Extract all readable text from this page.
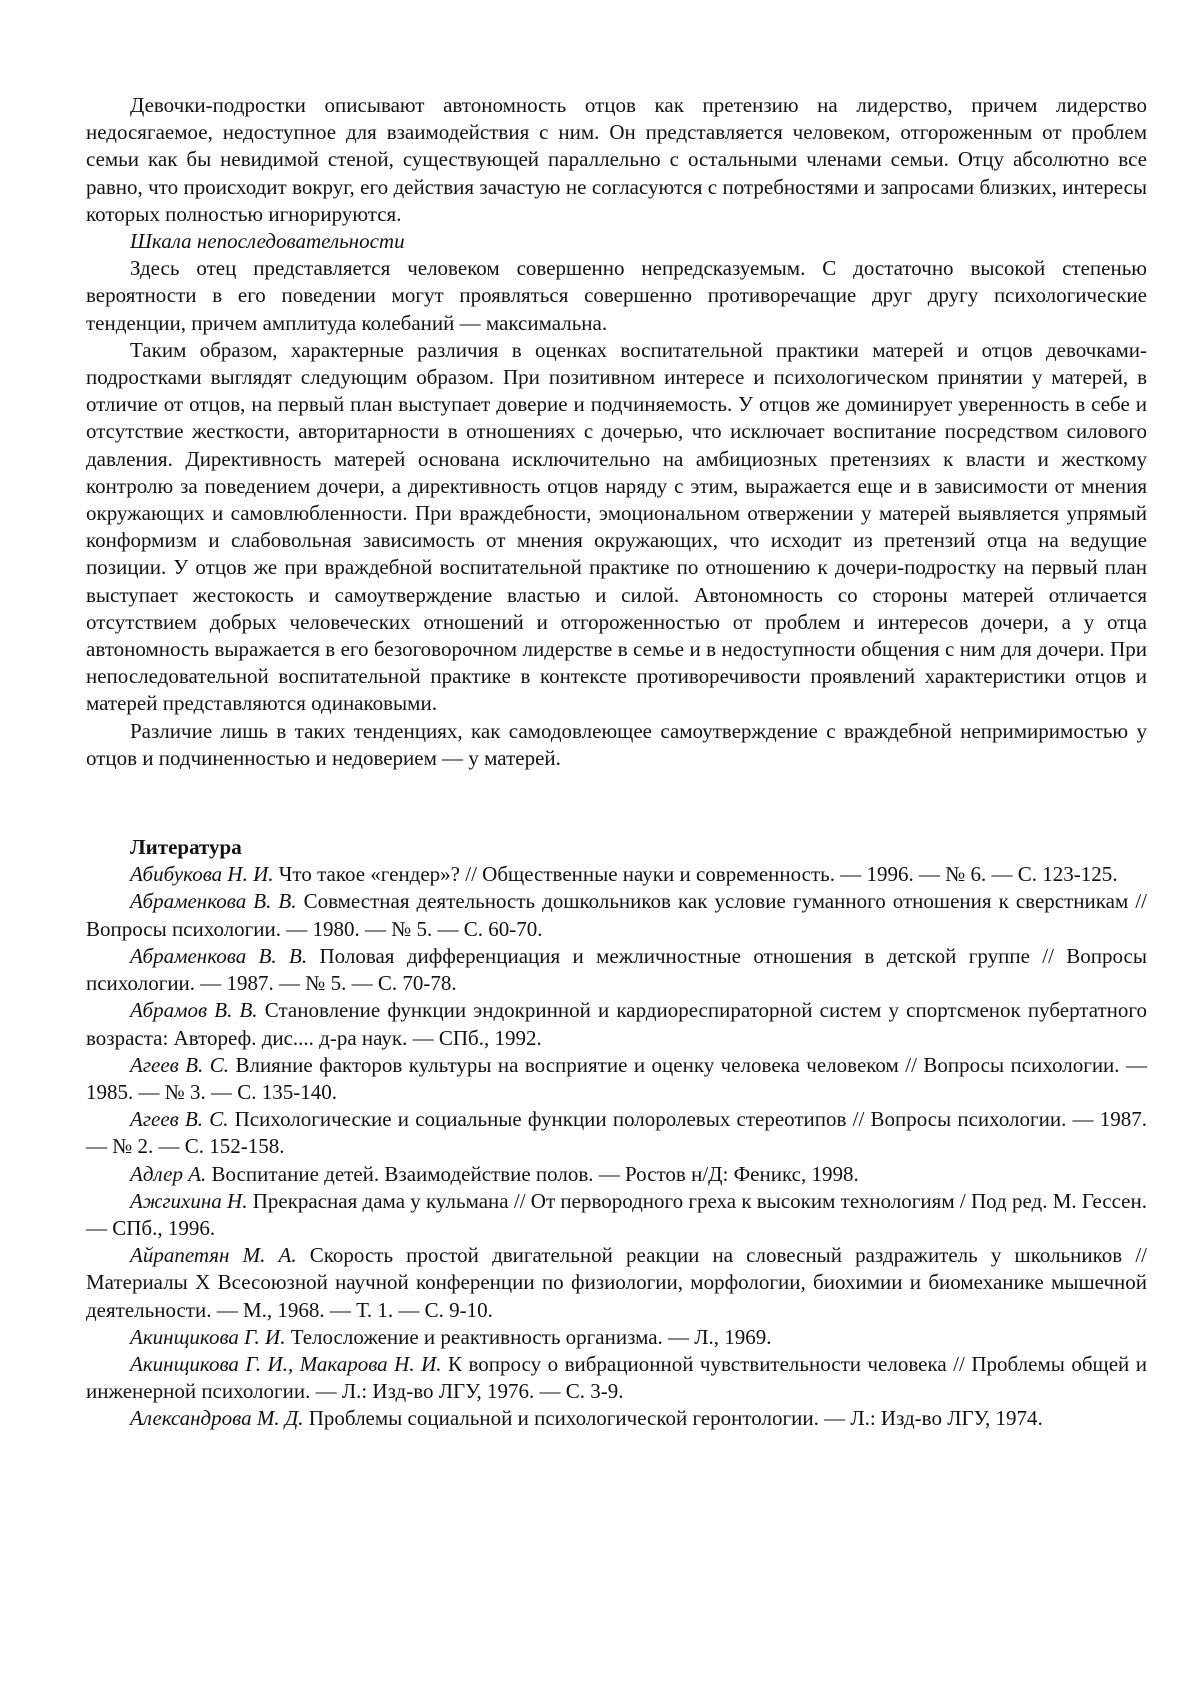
Девочки-подростки описывают автономность отцов как претензию на лидерство, причем лидерство недосягаемое, недоступное для взаимодействия с ним. Он представляется человеком, отгороженным от проблем семьи как бы невидимой стеной, существующей параллельно с остальными членами семьи. Отцу абсолютно все равно, что происходит вокруг, его действия зачастую не согласуются с потребностями и запросами близких, интересы которых полностью игнорируются.

Шкала непоследовательности

Здесь отец представляется человеком совершенно непредсказуемым. С достаточно высокой степенью вероятности в его поведении могут проявляться совершенно противоречащие друг другу психологические тенденции, причем амплитуда колебаний — максимальна.

Таким образом, характерные различия в оценках воспитательной практики матерей и отцов девочками-подростками выглядят следующим образом. При позитивном интересе и психологическом принятии у матерей, в отличие от отцов, на первый план выступает доверие и подчиняемость. У отцов же доминирует уверенность в себе и отсутствие жесткости, авторитарности в отношениях с дочерью, что исключает воспитание посредством силового давления. Директивность матерей основана исключительно на амбициозных претензиях к власти и жесткому контролю за поведением дочери, а директивность отцов наряду с этим, выражается еще и в зависимости от мнения окружающих и самовлюбленности. При враждебности, эмоциональном отвержении у матерей выявляется упрямый конформизм и слабовольная зависимость от мнения окружающих, что исходит из претензий отца на ведущие позиции. У отцов же при враждебной воспитательной практике по отношению к дочери-подростку на первый план выступает жестокость и самоутверждение властью и силой. Автономность со стороны матерей отличается отсутствием добрых человеческих отношений и отгороженностью от проблем и интересов дочери, а у отца автономность выражается в его безоговорочном лидерстве в семье и в недоступности общения с ним для дочери. При непоследовательной воспитательной практике в контексте противоречивости проявлений характеристики отцов и матерей представляются одинаковыми.

Различие лишь в таких тенденциях, как самодовлеющее самоутверждение с враждебной непримиримостью у отцов и подчиненностью и недоверием — у матерей.

Литература

Абибукова Н. И. Что такое «гендер»? // Общественные науки и современность. — 1996. — № 6. — С. 123-125.

Абраменкова В. В. Совместная деятельность дошкольников как условие гуманного отношения к сверстникам // Вопросы психологии. — 1980. — № 5. — С. 60-70.

Абраменкова В. В. Половая дифференциация и межличностные отношения в детской группе // Вопросы психологии. — 1987. — № 5. — С. 70-78.

Абрамов В. В. Становление функции эндокринной и кардиореспираторной систем у спортсменок пубертатного возраста: Автореф. дис.... д-ра наук. — СПб., 1992.

Агеев В. С. Влияние факторов культуры на восприятие и оценку человека человеком // Вопросы психологии. — 1985. — № 3. — С. 135-140.

Агеев В. С. Психологические и социальные функции полоролевых стереотипов // Вопросы психологии. — 1987. — № 2. — С. 152-158.

Адлер А. Воспитание детей. Взаимодействие полов. — Ростов н/Д: Феникс, 1998.

Ажгихина Н. Прекрасная дама у кульмана // От первородного греха к высоким технологиям / Под ред. М. Гессен. — СПб., 1996.

Айрапетян М. А. Скорость простой двигательной реакции на словесный раздражитель у школьников // Материалы X Всесоюзной научной конференции по физиологии, морфологии, биохимии и биомеханике мышечной деятельности. — М., 1968. — Т. 1. — С. 9-10.

Акинщикова Г. И. Телосложение и реактивность организма. — Л., 1969.

Акинщикова Г. И., Макарова Н. И. К вопросу о вибрационной чувствительности человека // Проблемы общей и инженерной психологии. — Л.: Изд-во ЛГУ, 1976. — С. 3-9.

Александрова М. Д. Проблемы социальной и психологической геронтологии. — Л.: Изд-во ЛГУ, 1974.
